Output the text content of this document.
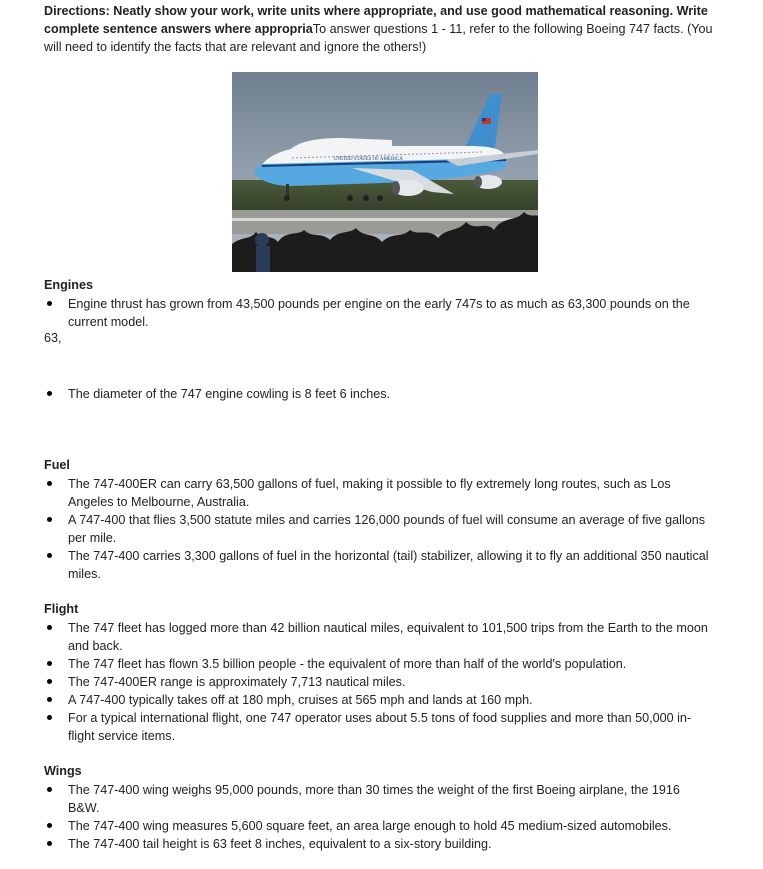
Directions: Neatly show your work, write units where appropriate, and use good mathematical reasoning. Write complete sentence answers where appropriaTo answer questions 1 - 11, refer to the following Boeing 747 facts. (You will need to identify the facts that are relevant and ignore the others!)
UNITED STATES OF AMERICA
Engines
Engine thrust has grown from 43,500 pounds per engine on the early 747s to as much as 63,300 pounds on the current model.
63,
The diameter of the 747 engine cowling is 8 feet 6 inches.
Fuel
The 747-400ER can carry 63,500 gallons of fuel, making it possible to fly extremely long routes, such as Los Angeles to Melbourne, Australia.
A 747-400 that flies 3,500 statute miles and carries 126,000 pounds of fuel will consume an average of five gallons per mile.
The 747-400 carries 3,300 gallons of fuel in the horizontal (tail) stabilizer, allowing it to fly an additional 350 nautical miles.
Flight
The 747 fleet has logged more than 42 billion nautical miles, equivalent to 101,500 trips from the Earth to the moon and back.
The 747 fleet has flown 3.5 billion people - the equivalent of more than half of the world's population.
The 747-400ER range is approximately 7,713 nautical miles.
A 747-400 typically takes off at 180 mph, cruises at 565 mph and lands at 160 mph.
For a typical international flight, one 747 operator uses about 5.5 tons of food supplies and more than 50,000 in-flight service items.
Wings
The 747-400 wing weighs 95,000 pounds, more than 30 times the weight of the first Boeing airplane, the 1916 B&W.
The 747-400 wing measures 5,600 square feet, an area large enough to hold 45 medium-sized automobiles.
The 747-400 tail height is 63 feet 8 inches, equivalent to a six-story building.
